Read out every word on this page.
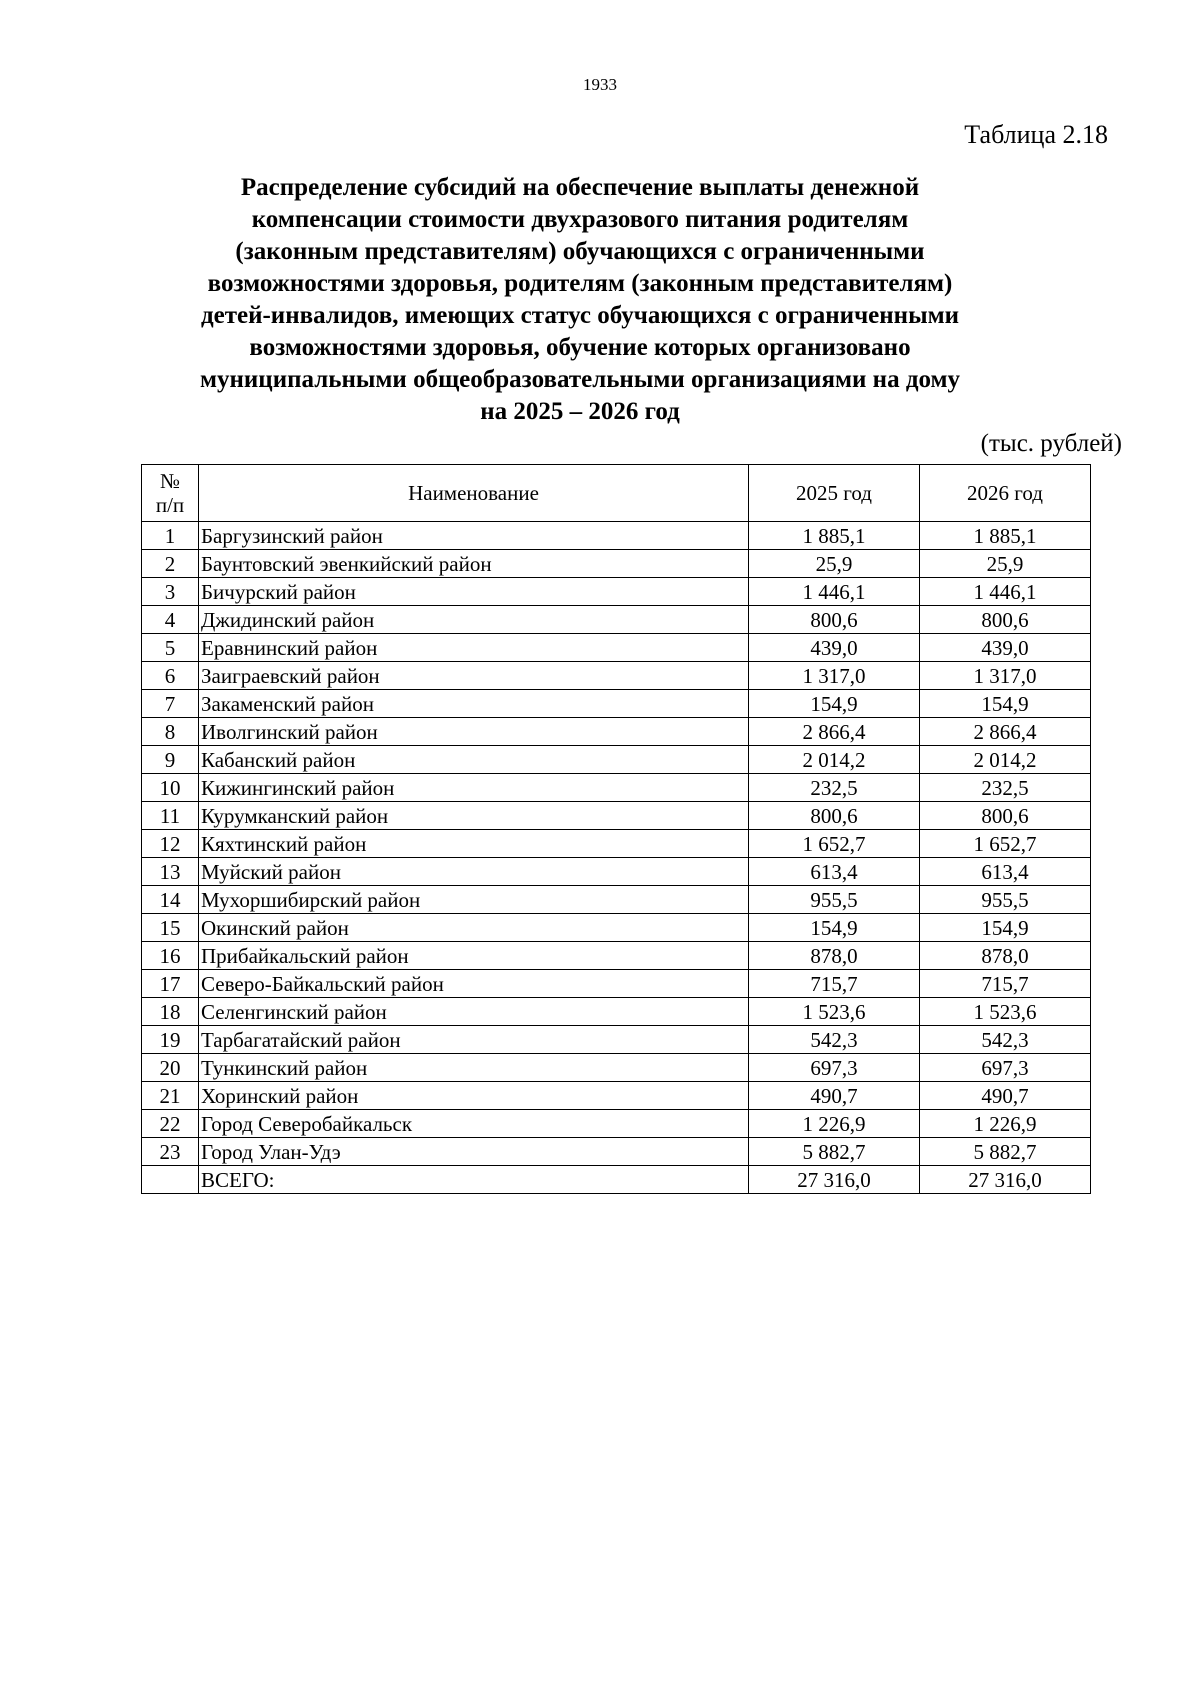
1933
Таблица 2.18
Распределение субсидий на обеспечение выплаты денежной
компенсации стоимости двухразового питания родителям
(законным представителям) обучающихся с ограниченными
возможностями здоровья, родителям (законным представителям)
детей-инвалидов, имеющих статус обучающихся с ограниченными
возможностями здоровья, обучение которых организовано
муниципальными общеобразовательными организациями на дому
на 2025 – 2026 год
(тыс. рублей)
№
п/п	Наименование	2025 год	2026 год
1	Баргузинский район	1 885,1	1 885,1
2	Баунтовский эвенкийский район	25,9	25,9
3	Бичурский район	1 446,1	1 446,1
4	Джидинский район	800,6	800,6
5	Еравнинский район	439,0	439,0
6	Заиграевский район	1 317,0	1 317,0
7	Закаменский район	154,9	154,9
8	Иволгинский район	2 866,4	2 866,4
9	Кабанский район	2 014,2	2 014,2
10	Кижингинский район	232,5	232,5
11	Курумканский район	800,6	800,6
12	Кяхтинский район	1 652,7	1 652,7
13	Муйский район	613,4	613,4
14	Мухоршибирский район	955,5	955,5
15	Окинский район	154,9	154,9
16	Прибайкальский район	878,0	878,0
17	Северо-Байкальский район	715,7	715,7
18	Селенгинский район	1 523,6	1 523,6
19	Тарбагатайский район	542,3	542,3
20	Тункинский район	697,3	697,3
21	Хоринский район	490,7	490,7
22	Город Северобайкальск	1 226,9	1 226,9
23	Город Улан-Удэ	5 882,7	5 882,7
	ВСЕГО:	27 316,0	27 316,0
